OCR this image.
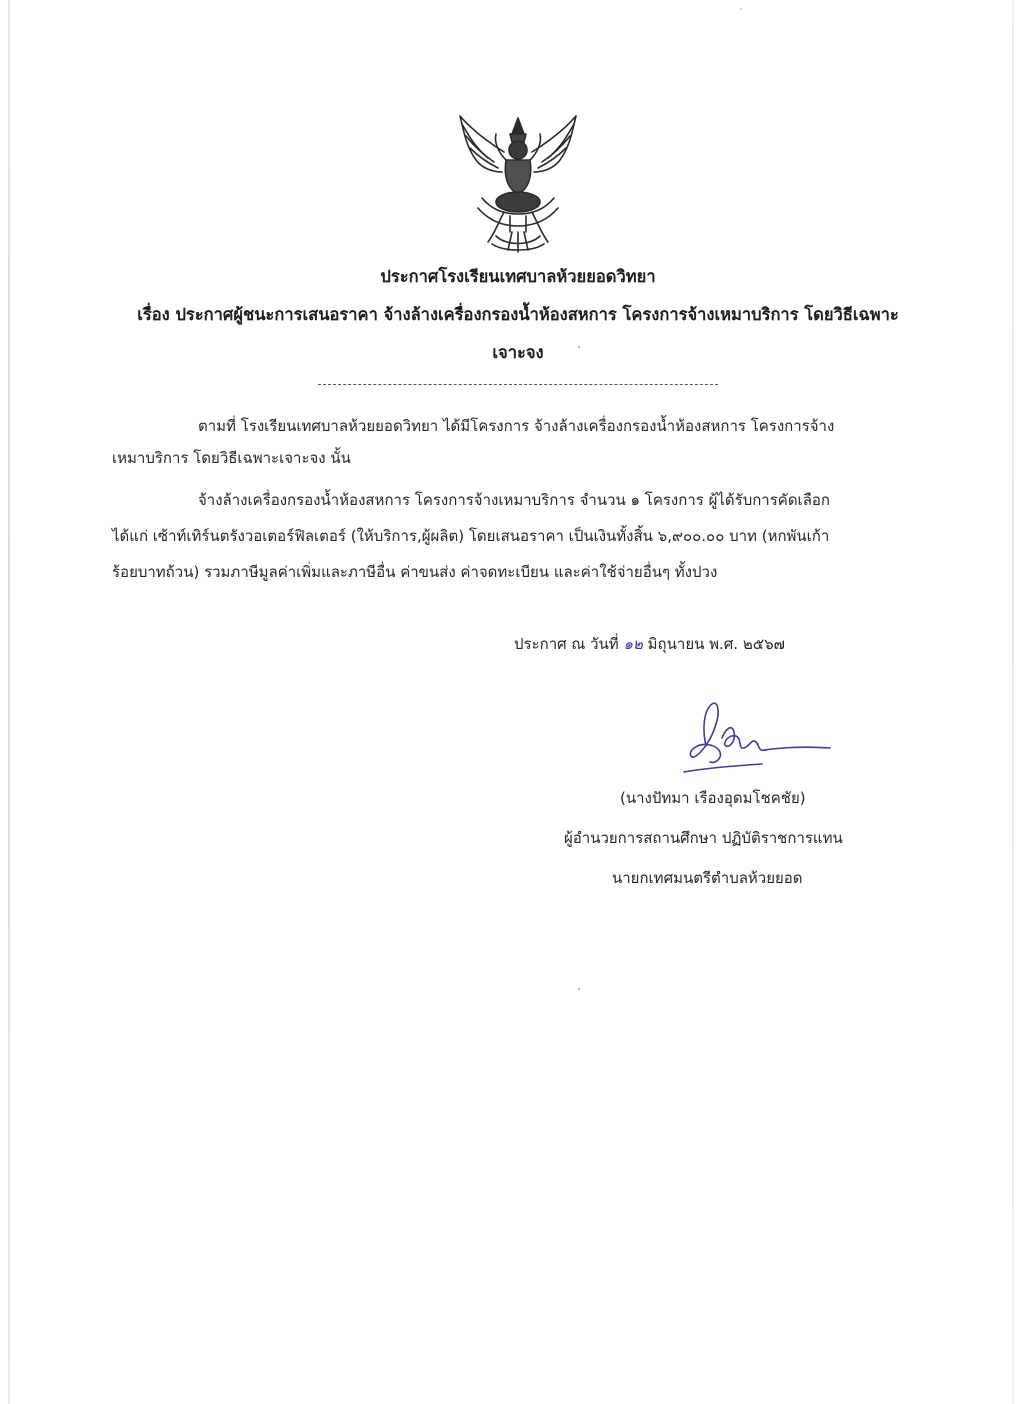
ประกาศโรงเรียนเทศบาลห้วยยอดวิทยา
เรื่อง ประกาศผู้ชนะการเสนอราคา จ้างล้างเครื่องกรองน้ำห้องสหการ โครงการจ้างเหมาบริการ โดยวิธีเฉพาะ
เจาะจง
ตามที่ โรงเรียนเทศบาลห้วยยอดวิทยา ได้มีโครงการ จ้างล้างเครื่องกรองน้ำห้องสหการ โครงการจ้าง
เหมาบริการ โดยวิธีเฉพาะเจาะจง นั้น
จ้างล้างเครื่องกรองน้ำห้องสหการ โครงการจ้างเหมาบริการ จำนวน ๑ โครงการ ผู้ได้รับการคัดเลือก
ได้แก่ เซ้าท์เทิร์นตรังวอเตอร์ฟิลเตอร์ (ให้บริการ,ผู้ผลิต) โดยเสนอราคา เป็นเงินทั้งสิ้น ๖,๙๐๐.๐๐ บาท (หกพันเก้า
ร้อยบาทถ้วน) รวมภาษีมูลค่าเพิ่มและภาษีอื่น ค่าขนส่ง ค่าจดทะเบียน และค่าใช้จ่ายอื่นๆ ทั้งปวง
ประกาศ ณ วันที่ ๑๒ มิถุนายน พ.ศ. ๒๕๖๗
(นางปัทมา เรืองอุดมโชคชัย)
ผู้อำนวยการสถานศึกษา ปฏิบัติราชการแทน
นายกเทศมนตรีตำบลห้วยยอด
